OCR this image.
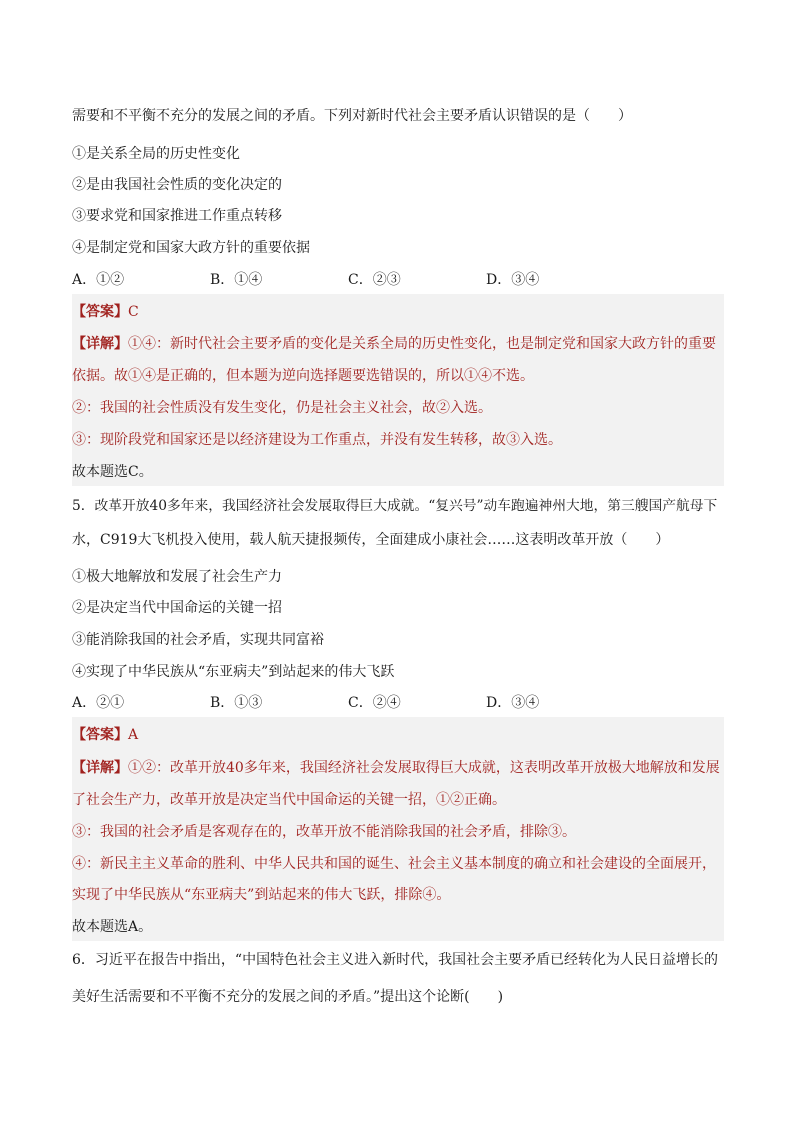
需要和不平衡不充分的发展之间的矛盾。下列对新时代社会主要矛盾认识错误的是（　　）
①是关系全局的历史性变化
②是由我国社会性质的变化决定的
③要求党和国家推进工作重点转移
④是制定党和国家大政方针的重要依据
A．①②	B．①④	C．②③	D．③④
【答案】C
【详解】①④：新时代社会主要矛盾的变化是关系全局的历史性变化，也是制定党和国家大政方针的重要
依据。故①④是正确的，但本题为逆向选择题要选错误的，所以①④不选。
②：我国的社会性质没有发生变化，仍是社会主义社会，故②入选。
③：现阶段党和国家还是以经济建设为工作重点，并没有发生转移，故③入选。
故本题选C。
5．改革开放40多年来，我国经济社会发展取得巨大成就。“复兴号”动车跑遍神州大地，第三艘国产航母下
水，C919大飞机投入使用，载人航天捷报频传，全面建成小康社会……这表明改革开放（　　）
①极大地解放和发展了社会生产力
②是决定当代中国命运的关键一招
③能消除我国的社会矛盾，实现共同富裕
④实现了中华民族从“东亚病夫”到站起来的伟大飞跃
A．②①	B．①③	C．②④	D．③④
【答案】A
【详解】①②：改革开放40多年来，我国经济社会发展取得巨大成就，这表明改革开放极大地解放和发展
了社会生产力，改革开放是决定当代中国命运的关键一招，①②正确。
③：我国的社会矛盾是客观存在的，改革开放不能消除我国的社会矛盾，排除③。
④：新民主主义革命的胜利、中华人民共和国的诞生、社会主义基本制度的确立和社会建设的全面展开，
实现了中华民族从“东亚病夫”到站起来的伟大飞跃，排除④。
故本题选A。
6．习近平在报告中指出，“中国特色社会主义进入新时代，我国社会主要矛盾已经转化为人民日益增长的
美好生活需要和不平衡不充分的发展之间的矛盾。”提出这个论断(　　)
